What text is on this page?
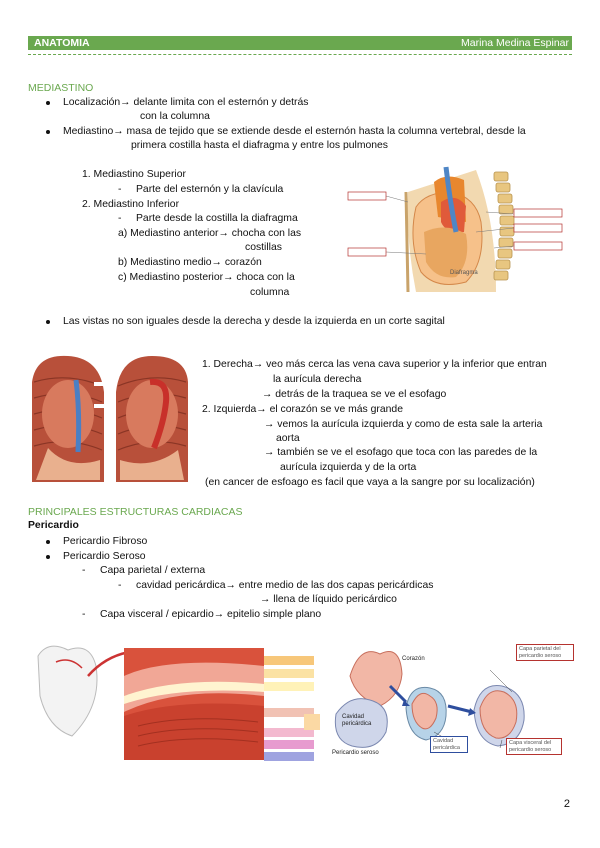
ANATOMIA	Marina Medina Espinar
MEDIASTINO
Localización→ delante limita con el esternón y detrás
con la columna
Mediastino→ masa de tejido que se extiende desde el esternón hasta la columna vertebral, desde la
primera costilla hasta el diafragma y entre los pulmones
1. Mediastino Superior
- Parte del esternón y la clavícula
2. Mediastino Inferior
- Parte desde la costilla la diafragma
a) Mediastino anterior→ chocha con las
costillas
b) Mediastino medio→ corazón
c) Mediastino posterior→ choca con la
columna
Diafragma
Las vistas no son iguales desde la derecha y desde la izquierda en un corte sagital
1. Derecha→ veo más cerca las vena cava superior y la inferior que entran
la aurícula derecha
→ detrás de la traquea se ve el esofago
2. Izquierda→ el corazón se ve más grande
→ vemos la aurícula izquierda y como de esta sale la arteria
aorta
→ también se ve el esofago que toca con las paredes de la
aurícula izquierda y de la orta
(en cancer de esfoago es facil que vaya a la sangre por su localización)
PRINCIPALES ESTRUCTURAS CARDIACAS
Pericardio
Pericardio Fibroso
Pericardio Seroso
- Capa parietal / externa
- cavidad pericárdica→ entre medio de las dos capas pericárdicas
→ llena de líquido pericárdico
- Capa visceral / epicardio→ epitelio simple plano
Corazón
Cavidad pericárdica
Pericardio seroso
Cavidad pericárdica
Capa parietal del pericardio seroso
Capa visceral del pericardio seroso
2
